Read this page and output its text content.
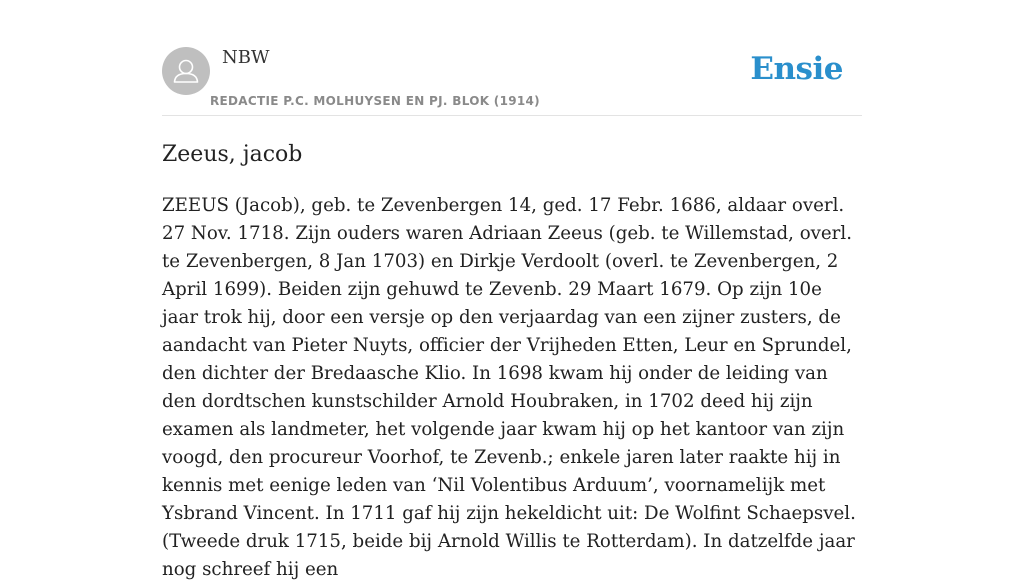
NBW
REDACTIE P.C. MOLHUYSEN EN PJ. BLOK (1914)
Ensie
Zeeus, jacob

ZEEUS (Jacob), geb. te Zevenbergen 14, ged. 17 Febr. 1686, aldaar overl. 27 Nov. 1718. Zijn ouders waren Adriaan Zeeus (geb. te Willemstad, overl. te Zevenbergen, 8 Jan 1703) en Dirkje Verdoolt (overl. te Zevenbergen, 2 April 1699). Beiden zijn gehuwd te Zevenb. 29 Maart 1679. Op zijn 10e jaar trok hij, door een versje op den verjaardag van een zijner zusters, de aandacht van Pieter Nuyts, officier der Vrijheden Etten, Leur en Sprundel, den dichter der Bredaasche Klio. In 1698 kwam hij onder de leiding van den dordtschen kunstschilder Arnold Houbraken, in 1702 deed hij zijn examen als landmeter, het volgende jaar kwam hij op het kantoor van zijn voogd, den procureur Voorhof, te Zevenb.; enkele jaren later raakte hij in kennis met eenige leden van ‘Nil Volentibus Arduum’, voornamelijk met Ysbrand Vincent. In 1711 gaf hij zijn hekeldicht uit: De Wolfint Schaepsvel. (Tweede druk 1715, beide bij Arnold Willis te Rotterdam). In datzelfde jaar nog schreef hij een
